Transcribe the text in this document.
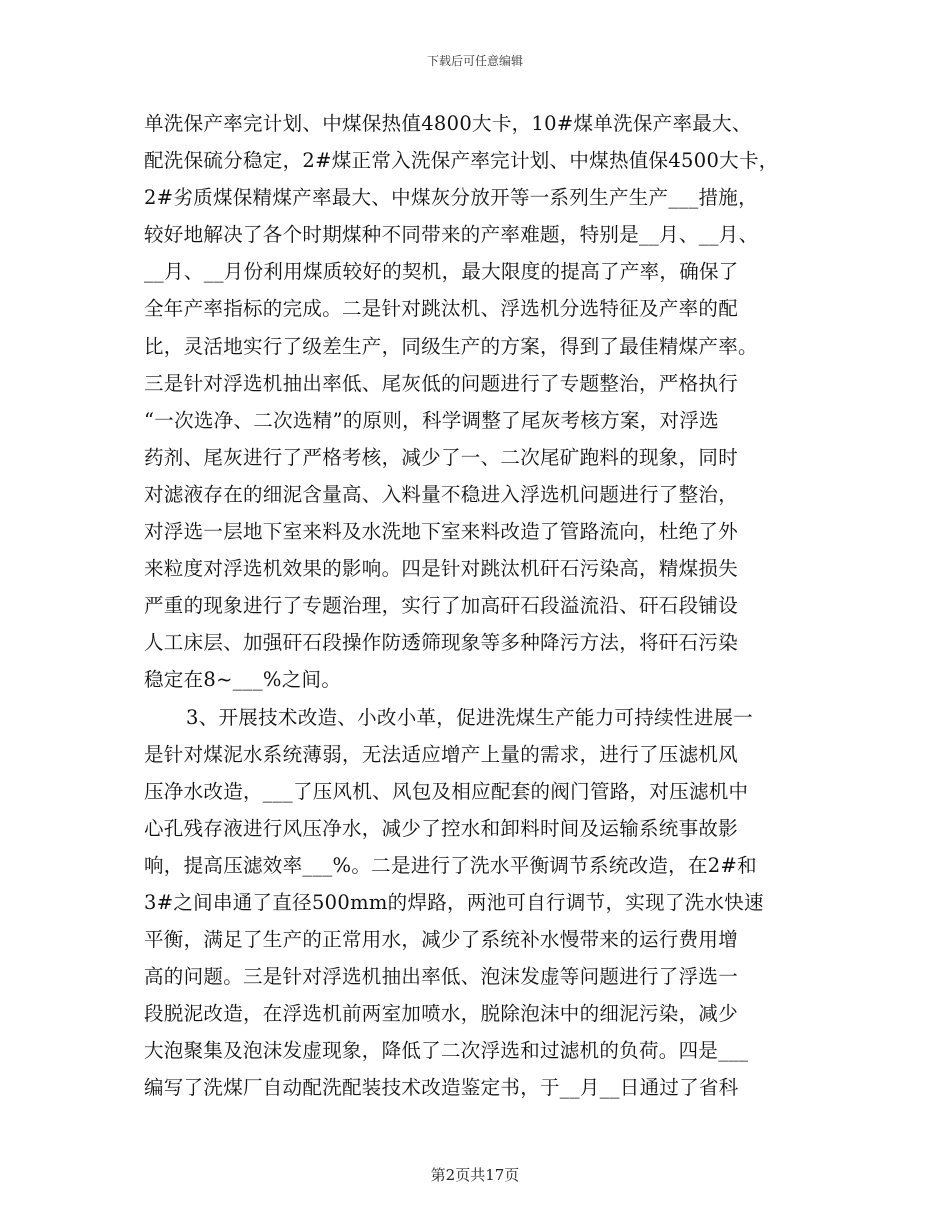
下载后可任意编辑
单洗保产率完计划、中煤保热值4800大卡，10#煤单洗保产率最大、
配洗保硫分稳定，2#煤正常入洗保产率完计划、中煤热值保4500大卡，
2#劣质煤保精煤产率最大、中煤灰分放开等一系列生产生产___措施，
较好地解决了各个时期煤种不同带来的产率难题，特别是__月、__月、
__月、__月份利用煤质较好的契机，最大限度的提高了产率，确保了
全年产率指标的完成。二是针对跳汰机、浮选机分选特征及产率的配
比，灵活地实行了级差生产，同级生产的方案，得到了最佳精煤产率。
三是针对浮选机抽出率低、尾灰低的问题进行了专题整治，严格执行
“一次选净、二次选精”的原则，科学调整了尾灰考核方案，对浮选
药剂、尾灰进行了严格考核，减少了一、二次尾矿跑料的现象，同时
对滤液存在的细泥含量高、入料量不稳进入浮选机问题进行了整治，
对浮选一层地下室来料及水洗地下室来料改造了管路流向，杜绝了外
来粒度对浮选机效果的影响。四是针对跳汰机矸石污染高，精煤损失
严重的现象进行了专题治理，实行了加高矸石段溢流沿、矸石段铺设
人工床层、加强矸石段操作防透筛现象等多种降污方法，将矸石污染
稳定在8~___%之间。
3、开展技术改造、小改小革，促进洗煤生产能力可持续性进展一
是针对煤泥水系统薄弱，无法适应增产上量的需求，进行了压滤机风
压净水改造，___了压风机、风包及相应配套的阀门管路，对压滤机中
心孔残存液进行风压净水，减少了控水和卸料时间及运输系统事故影
响，提高压滤效率___%。二是进行了洗水平衡调节系统改造，在2#和
3#之间串通了直径500mm的焊路，两池可自行调节，实现了洗水快速
平衡，满足了生产的正常用水，减少了系统补水慢带来的运行费用增
高的问题。三是针对浮选机抽出率低、泡沫发虚等问题进行了浮选一
段脱泥改造，在浮选机前两室加喷水，脱除泡沫中的细泥污染，减少
大泡聚集及泡沫发虚现象，降低了二次浮选和过滤机的负荷。四是___
编写了洗煤厂自动配洗配装技术改造鉴定书，于__月__日通过了省科
第2页共17页
